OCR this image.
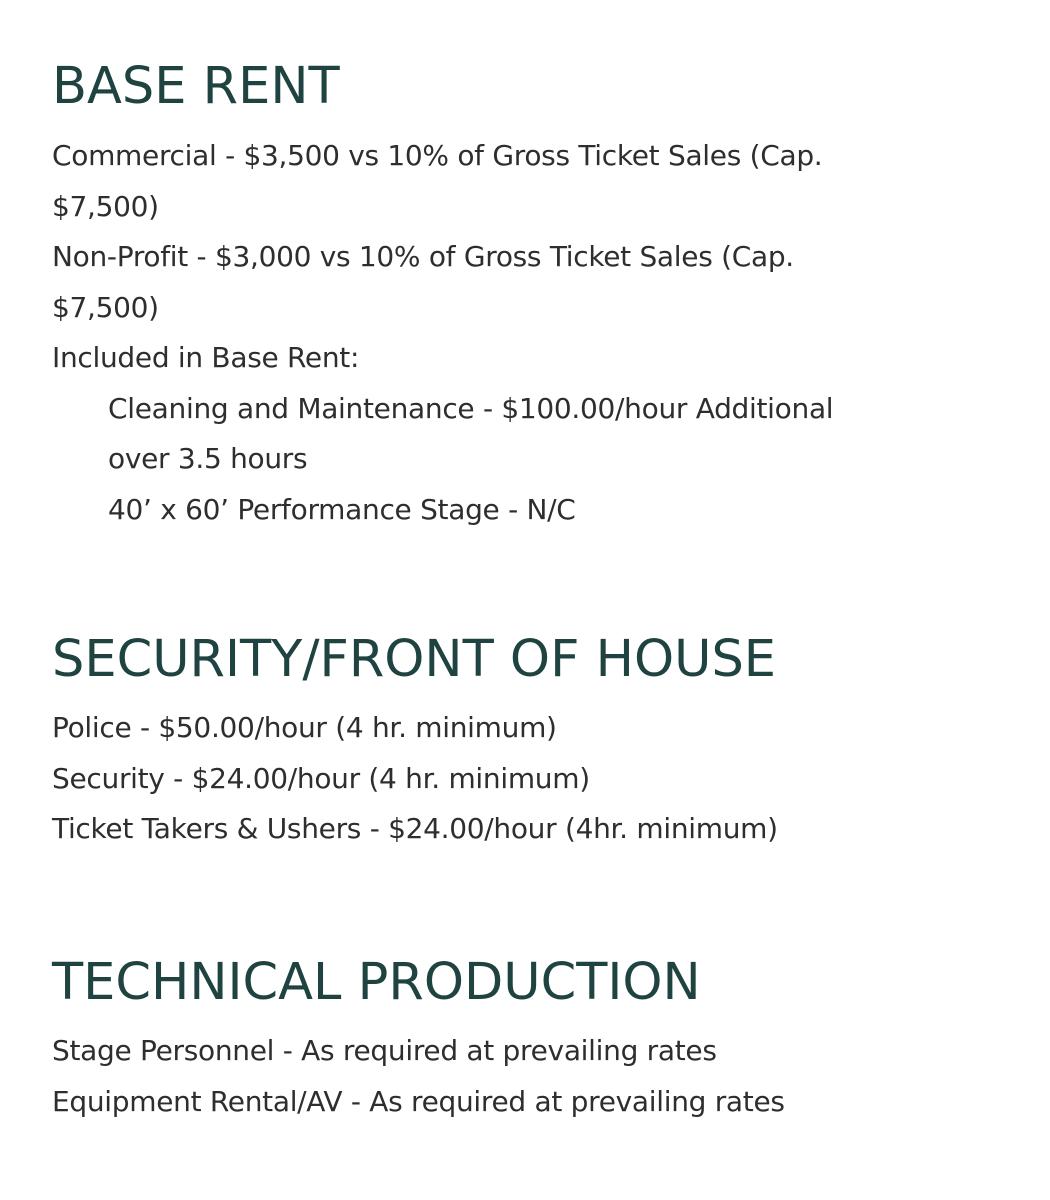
BASE RENT
Commercial - $3,500 vs 10% of Gross Ticket Sales (Cap.
$7,500)
Non-Profit - $3,000 vs 10% of Gross Ticket Sales (Cap.
$7,500)
Included in Base Rent:
Cleaning and Maintenance - $100.00/hour Additional
over 3.5 hours
40’ x 60’ Performance Stage - N/C
SECURITY/FRONT OF HOUSE
Police - $50.00/hour (4 hr. minimum)
Security - $24.00/hour (4 hr. minimum)
Ticket Takers & Ushers - $24.00/hour (4hr. minimum)
TECHNICAL PRODUCTION
Stage Personnel - As required at prevailing rates
Equipment Rental/AV - As required at prevailing rates
